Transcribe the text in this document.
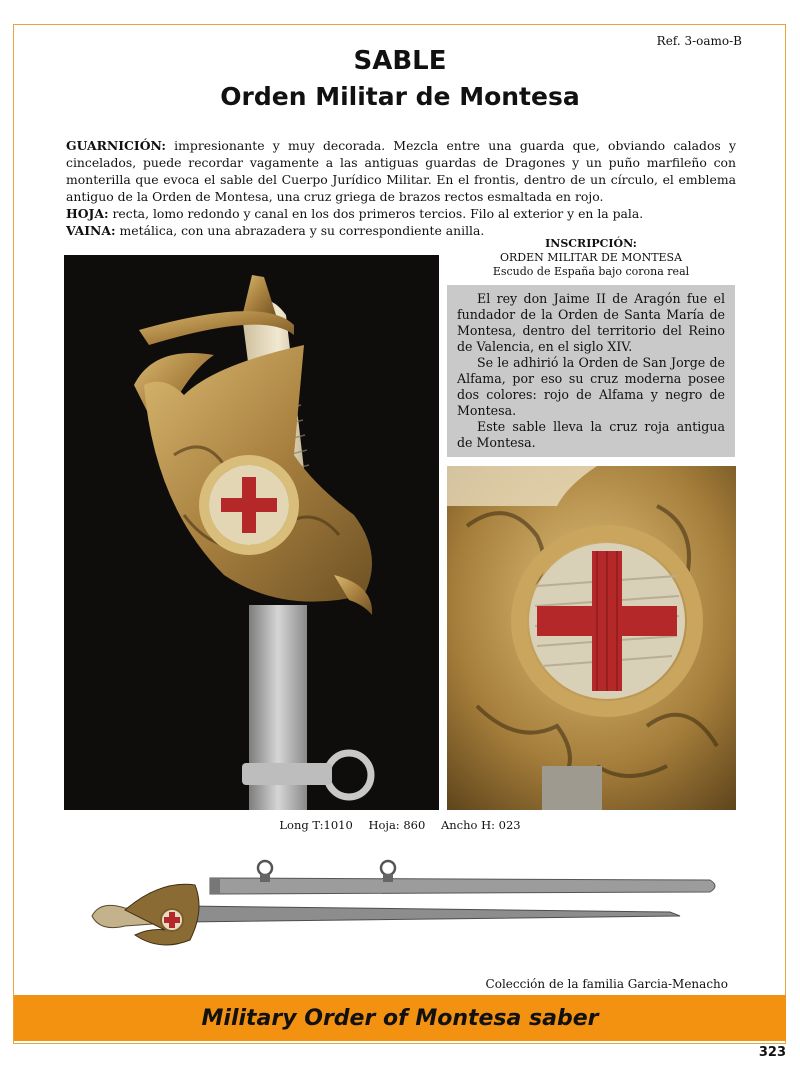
Ref. 3-oamo-B
SABLE
Orden Militar de Montesa

GUARNICIÓN: impresionante y muy decorada. Mezcla entre una guarda que, obviando calados y cincelados, puede recordar vagamente a las antiguas guardas de Dragones y un puño marfileño con monterilla que evoca el sable del Cuerpo Jurídico Militar. En el frontis, dentro de un círculo, el emblema antiguo de la Orden de Montesa, una cruz griega de brazos rectos esmaltada en rojo.

HOJA: recta, lomo redondo y canal en los dos primeros tercios. Filo al exterior y en la pala.

VAINA: metálica, con una abrazadera y su correspondiente anilla.

INSCRIPCIÓN:
ORDEN MILITAR DE MONTESA
Escudo de España bajo corona real

El rey don Jaime II de Aragón fue el fundador de la Orden de Santa María de Montesa, dentro del territorio del Reino de Valencia, en el siglo XIV.

Se le adhirió la Orden de San Jorge de Alfama, por eso su cruz moderna posee dos colores: rojo de Alfama y negro de Montesa.

Este sable lleva la cruz roja antigua de Montesa.

Long T:1010 Hoja: 860 Ancho H: 023
Colección de la familia Garcia-Menacho
Military Order of Montesa saber
323
